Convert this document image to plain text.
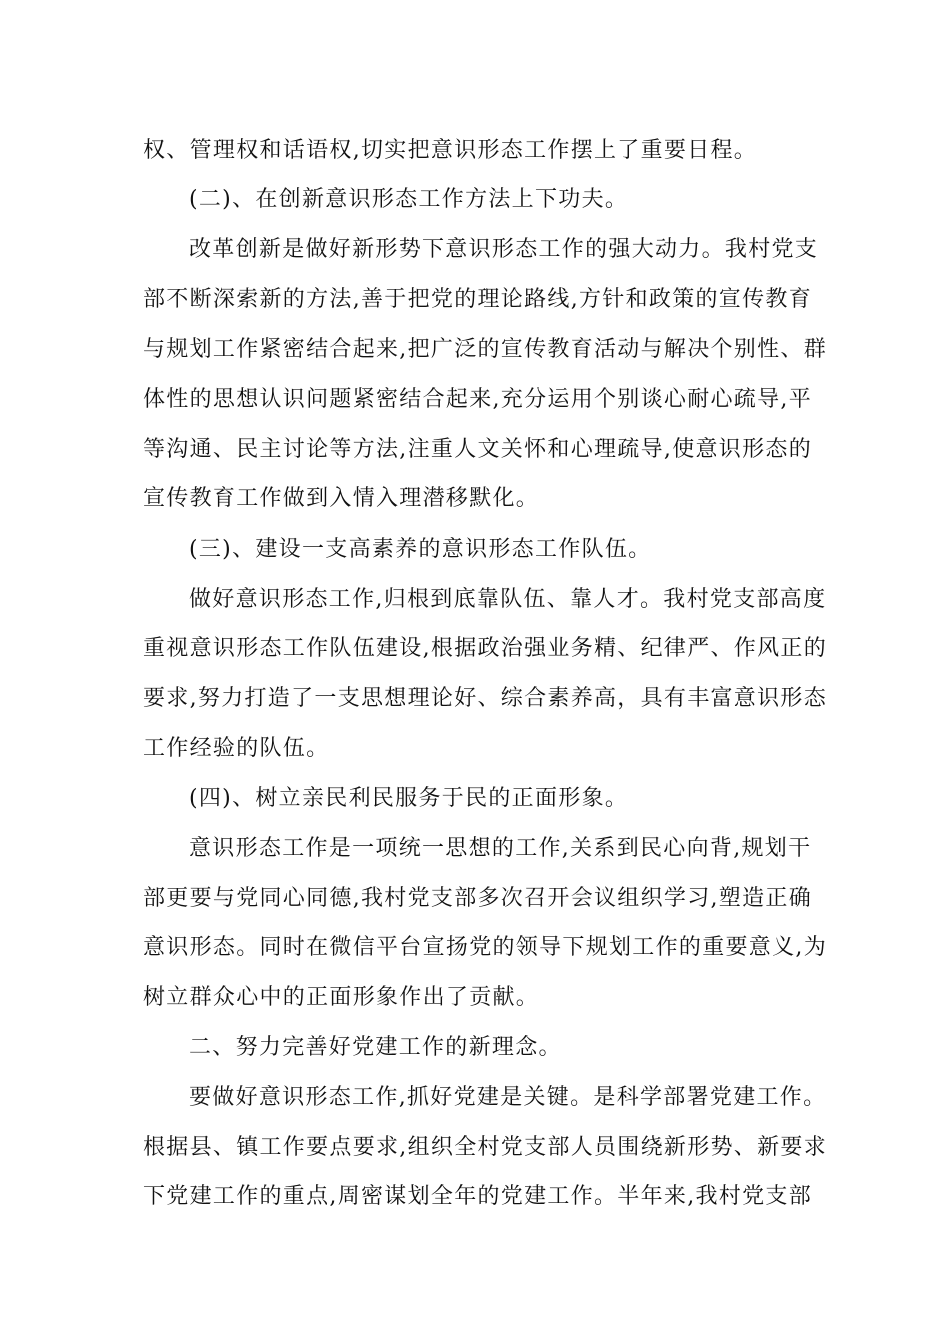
权、管理权和话语权,切实把意识形态工作摆上了重要日程。
(二)、在创新意识形态工作方法上下功夫。
改革创新是做好新形势下意识形态工作的强大动力。我村党支
部不断深索新的方法,善于把党的理论路线,方针和政策的宣传教育
与规划工作紧密结合起来,把广泛的宣传教育活动与解决个别性、群
体性的思想认识问题紧密结合起来,充分运用个别谈心耐心疏导,平
等沟通、民主讨论等方法,注重人文关怀和心理疏导,使意识形态的
宣传教育工作做到入情入理潜移默化。
(三)、建设一支高素养的意识形态工作队伍。
做好意识形态工作,归根到底靠队伍、靠人才。我村党支部高度
重视意识形态工作队伍建设,根据政治强业务精、纪律严、作风正的
要求,努力打造了一支思想理论好、综合素养高，具有丰富意识形态
工作经验的队伍。
(四)、树立亲民利民服务于民的正面形象。
意识形态工作是一项统一思想的工作,关系到民心向背,规划干
部更要与党同心同德,我村党支部多次召开会议组织学习,塑造正确
意识形态。同时在微信平台宣扬党的领导下规划工作的重要意义,为
树立群众心中的正面形象作出了贡献。
二、努力完善好党建工作的新理念。
要做好意识形态工作,抓好党建是关键。是科学部署党建工作。
根据县、镇工作要点要求,组织全村党支部人员围绕新形势、新要求
下党建工作的重点,周密谋划全年的党建工作。半年来,我村党支部
